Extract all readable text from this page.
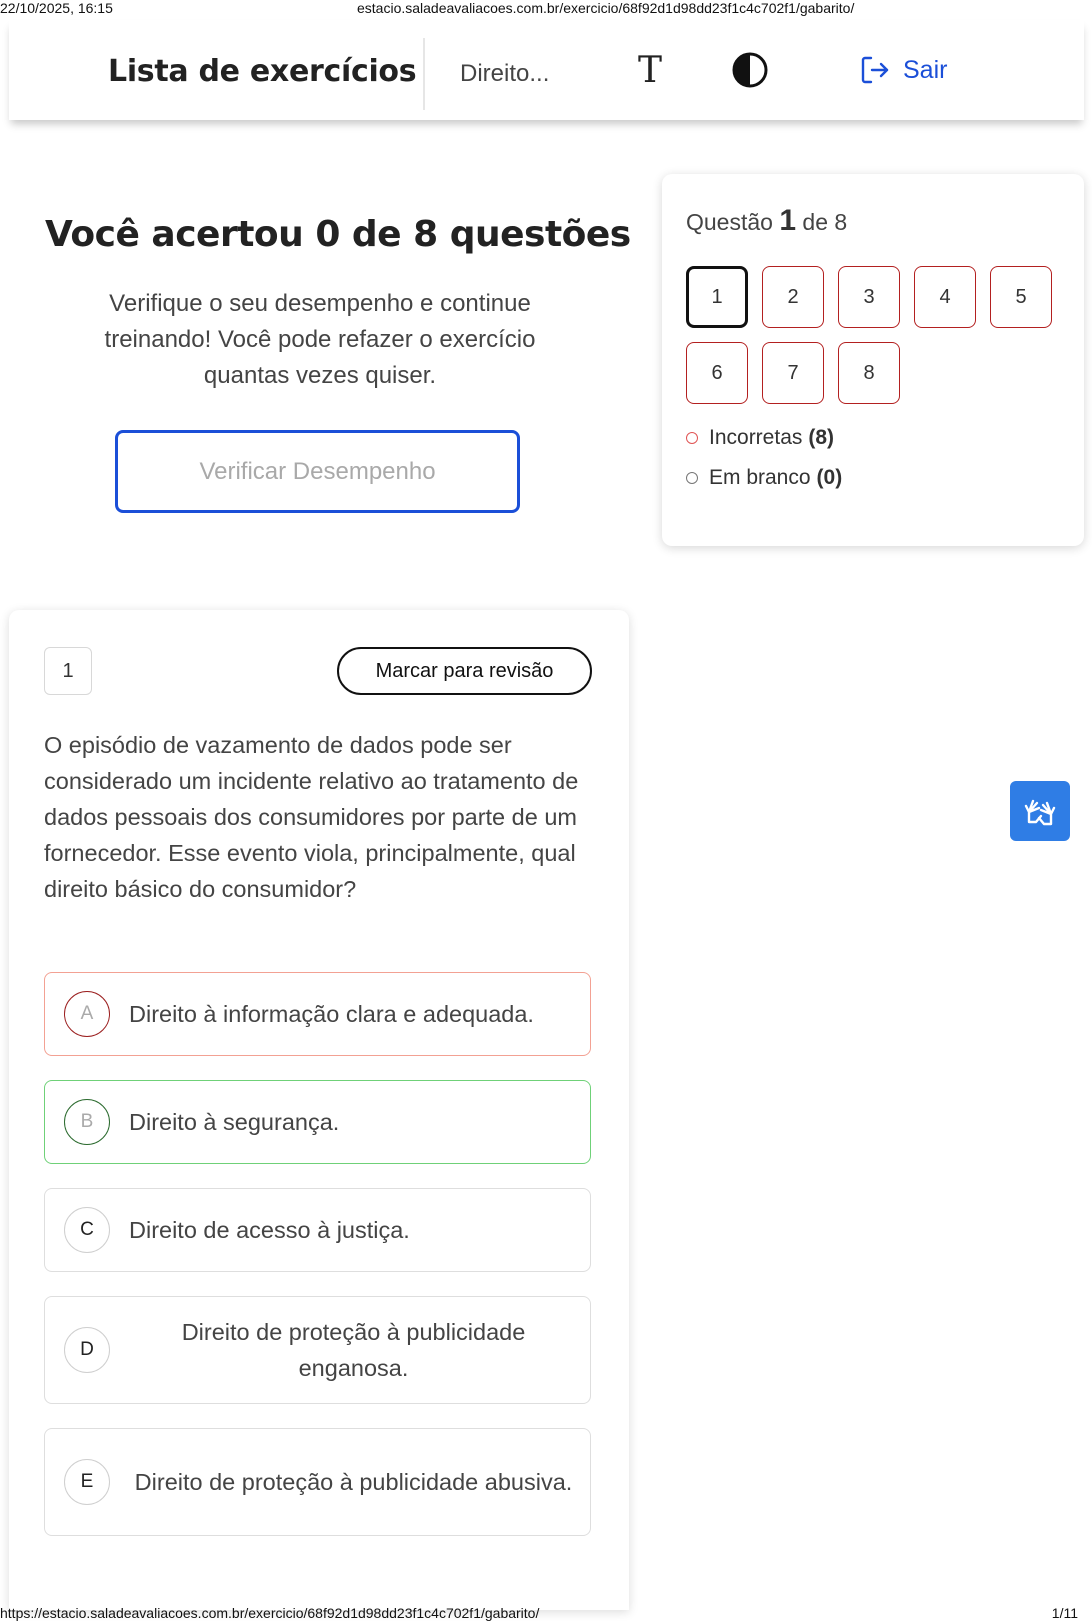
22/10/2025, 16:15	estacio.saladeavaliacoes.com.br/exercicio/68f92d1d98dd23f1c4c702f1/gabarito/
Lista de exercícios Direito... T	Sair
Você acertou 0 de 8 questões
Verifique o seu desempenho e continue treinando! Você pode refazer o exercício quantas vezes quiser.
Verificar Desempenho
Questão 1 de 8
1	2	3	4	5
6	7	8
Incorretas (8)
Em branco (0)
1	Marcar para revisão
O episódio de vazamento de dados pode ser considerado um incidente relativo ao tratamento de dados pessoais dos consumidores por parte de um fornecedor. Esse evento viola, principalmente, qual direito básico do consumidor?
A	Direito à informação clara e adequada.
B	Direito à segurança.
C	Direito de acesso à justiça.
D
Direito de proteção à publicidade enganosa.
E	Direito de proteção à publicidade abusiva.
https://estacio.saladeavaliacoes.com.br/exercicio/68f92d1d98dd23f1c4c702f1/gabarito/	1/11
